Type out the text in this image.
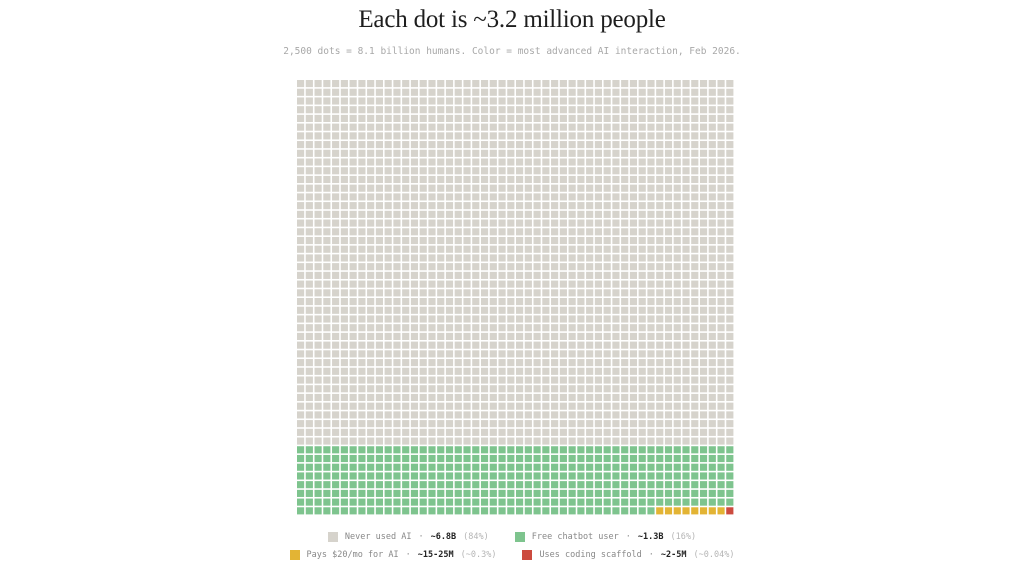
Each dot is ~3.2 million people
2,500 dots = 8.1 billion humans. Color = most advanced AI interaction, Feb 2026.
Never used AI · ~6.8B (84%)	Free chatbot user · ~1.3B (16%)
Pays $20/mo for AI · ~15-25M (~0.3%)	Uses coding scaffold · ~2-5M (~0.04%)
